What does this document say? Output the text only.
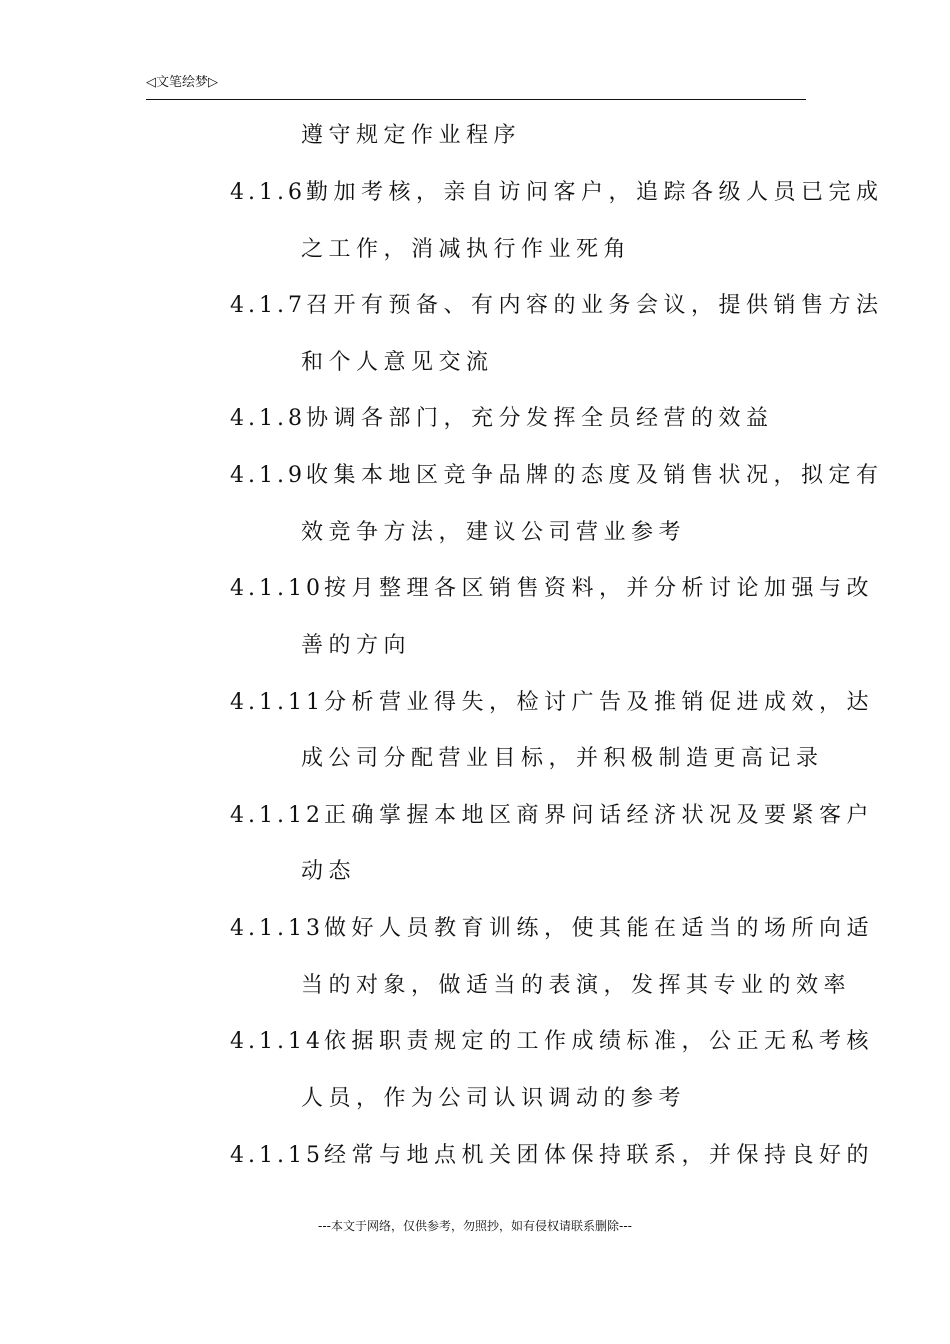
◁文笔绘梦▷
遵守规定作业程序
4.1.6勤加考核，亲自访问客户，追踪各级人员已完成
之工作，消减执行作业死角
4.1.7召开有预备、有内容的业务会议，提供销售方法
和个人意见交流
4.1.8协调各部门，充分发挥全员经营的效益
4.1.9收集本地区竞争品牌的态度及销售状况，拟定有
效竞争方法，建议公司营业参考
4.1.10按月整理各区销售资料，并分析讨论加强与改
善的方向
4.1.11分析营业得失，检讨广告及推销促进成效，达
成公司分配营业目标，并积极制造更高记录
4.1.12正确掌握本地区商界问话经济状况及要紧客户
动态
4.1.13做好人员教育训练，使其能在适当的场所向适
当的对象，做适当的表演，发挥其专业的效率
4.1.14依据职责规定的工作成绩标准，公正无私考核
人员，作为公司认识调动的参考
4.1.15经常与地点机关团体保持联系，并保持良好的
---本文于网络，仅供参考，勿照抄，如有侵权请联系删除---
